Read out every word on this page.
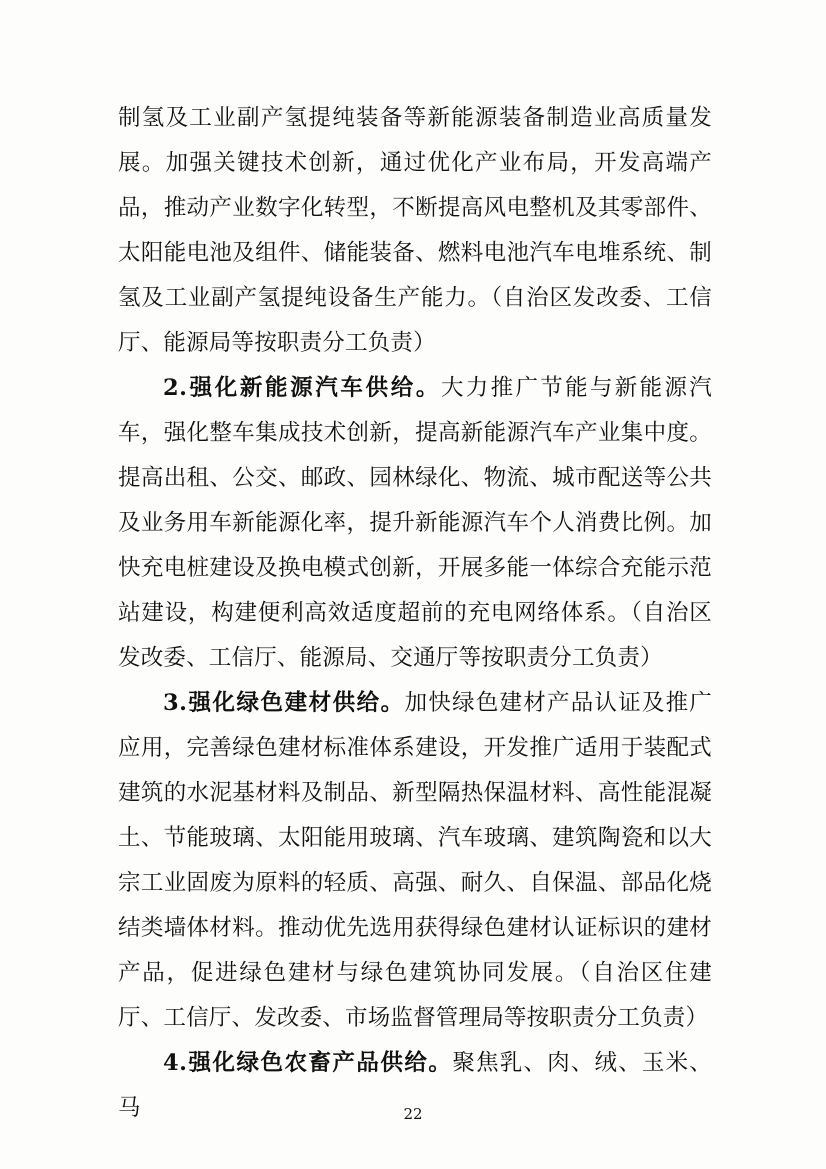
制氢及工业副产氢提纯装备等新能源装备制造业高质量发展。加强关键技术创新，通过优化产业布局，开发高端产品，推动产业数字化转型，不断提高风电整机及其零部件、太阳能电池及组件、储能装备、燃料电池汽车电堆系统、制氢及工业副产氢提纯设备生产能力。（自治区发改委、工信厅、能源局等按职责分工负责）

2.强化新能源汽车供给。大力推广节能与新能源汽车，强化整车集成技术创新，提高新能源汽车产业集中度。提高出租、公交、邮政、园林绿化、物流、城市配送等公共及业务用车新能源化率，提升新能源汽车个人消费比例。加快充电桩建设及换电模式创新，开展多能一体综合充能示范站建设，构建便利高效适度超前的充电网络体系。（自治区发改委、工信厅、能源局、交通厅等按职责分工负责）

3.强化绿色建材供给。加快绿色建材产品认证及推广应用，完善绿色建材标准体系建设，开发推广适用于装配式建筑的水泥基材料及制品、新型隔热保温材料、高性能混凝土、节能玻璃、太阳能用玻璃、汽车玻璃、建筑陶瓷和以大宗工业固废为原料的轻质、高强、耐久、自保温、部品化烧结类墙体材料。推动优先选用获得绿色建材认证标识的建材产品，促进绿色建材与绿色建筑协同发展。（自治区住建厅、工信厅、发改委、市场监督管理局等按职责分工负责）

4.强化绿色农畜产品供给。聚焦乳、肉、绒、玉米、马	22
